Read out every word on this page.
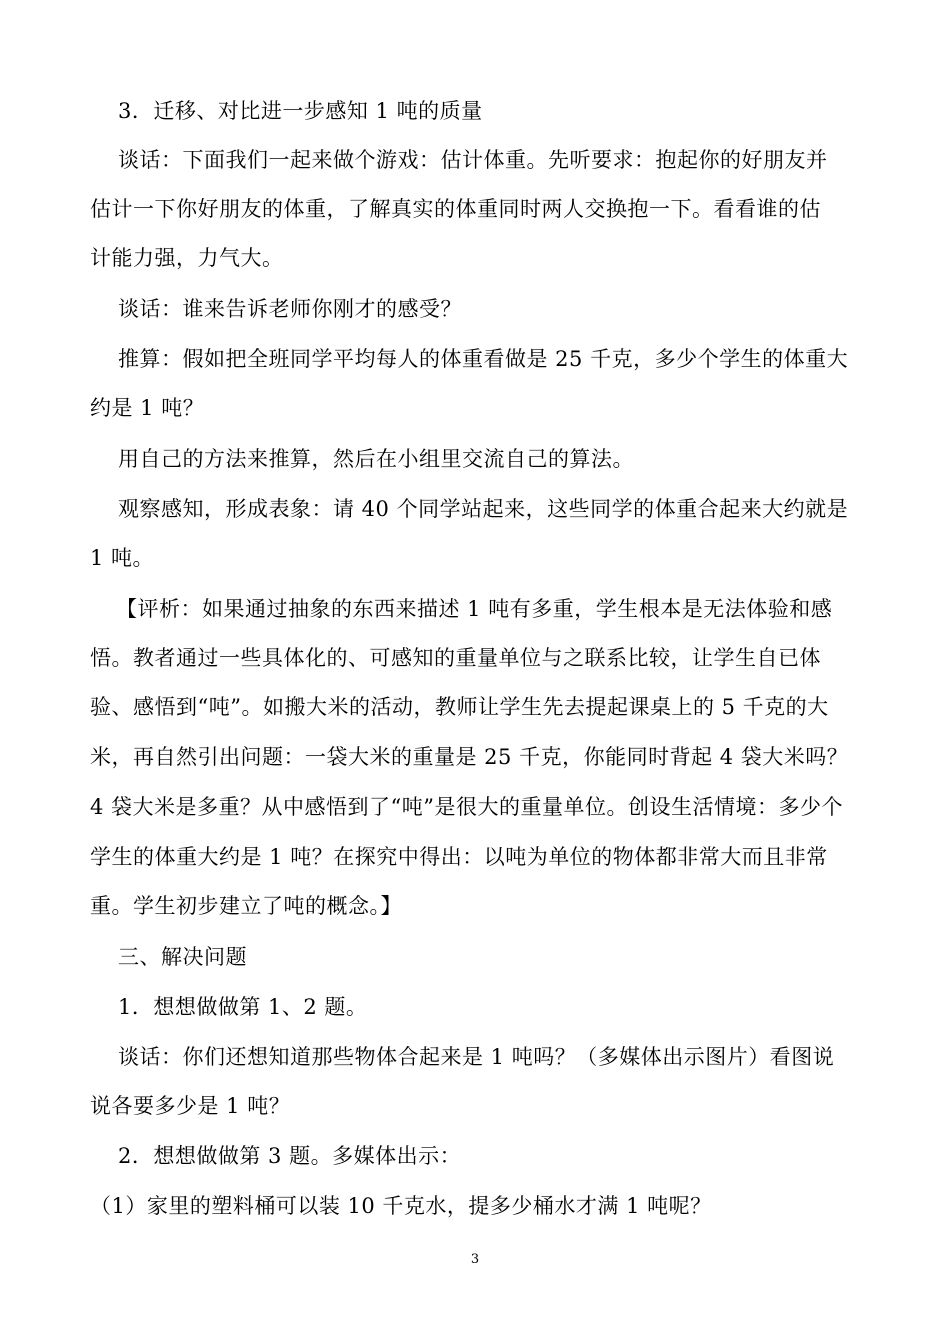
3．迁移、对比进一步感知 1 吨的质量
谈话：下面我们一起来做个游戏：估计体重。先听要求：抱起你的好朋友并
估计一下你好朋友的体重，了解真实的体重同时两人交换抱一下。看看谁的估
计能力强，力气大。
谈话：谁来告诉老师你刚才的感受？
推算：假如把全班同学平均每人的体重看做是 25 千克，多少个学生的体重大
约是 1 吨？
用自己的方法来推算，然后在小组里交流自己的算法。
观察感知，形成表象：请 40 个同学站起来，这些同学的体重合起来大约就是
1 吨。
【评析：如果通过抽象的东西来描述 1 吨有多重，学生根本是无法体验和感
悟。教者通过一些具体化的、可感知的重量单位与之联系比较，让学生自已体
验、感悟到“吨”。如搬大米的活动，教师让学生先去提起课桌上的 5 千克的大
米，再自然引出问题：一袋大米的重量是 25 千克，你能同时背起 4 袋大米吗？
4 袋大米是多重？从中感悟到了“吨”是很大的重量单位。创设生活情境：多少个
学生的体重大约是 1 吨？在探究中得出：以吨为单位的物体都非常大而且非常
重。学生初步建立了吨的概念。】
三、解决问题
1．想想做做第 1、2 题。
谈话：你们还想知道那些物体合起来是 1 吨吗？（多媒体出示图片）看图说
说各要多少是 1 吨？
2．想想做做第 3 题。多媒体出示：
（1）家里的塑料桶可以装 10 千克水，提多少桶水才满 1 吨呢？
3
